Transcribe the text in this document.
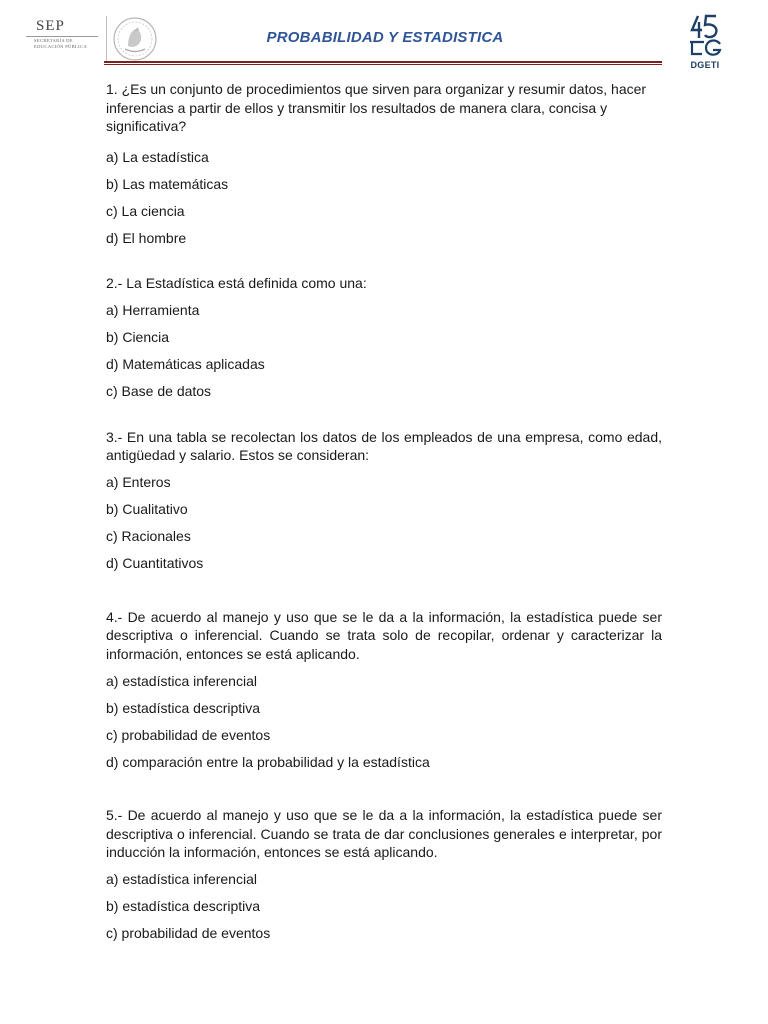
SEP
SECRETARÍA DE EDUCACIÓN PÚBLICA	PROBABILIDAD Y ESTADISTICA
DGETI

1. ¿Es un conjunto de procedimientos que sirven para organizar y resumir datos, hacer inferencias a partir de ellos y transmitir los resultados de manera clara, concisa y significativa?

a) La estadística

b) Las matemáticas

c) La ciencia

d) El hombre

2.- La Estadística está definida como una:

a) Herramienta

b) Ciencia

d) Matemáticas aplicadas

c) Base de datos

3.- En una tabla se recolectan los datos de los empleados de una empresa, como edad, antigüedad y salario. Estos se consideran:

a) Enteros

b) Cualitativo

c) Racionales

d) Cuantitativos

4.- De acuerdo al manejo y uso que se le da a la información, la estadística puede ser descriptiva o inferencial. Cuando se trata solo de recopilar, ordenar y caracterizar la información, entonces se está aplicando.

a) estadística inferencial

b) estadística descriptiva

c) probabilidad de eventos

d) comparación entre la probabilidad y la estadística

5.- De acuerdo al manejo y uso que se le da a la información, la estadística puede ser descriptiva o inferencial. Cuando se trata de dar conclusiones generales e interpretar, por inducción la información, entonces se está aplicando.

a) estadística inferencial

b) estadística descriptiva

c) probabilidad de eventos
